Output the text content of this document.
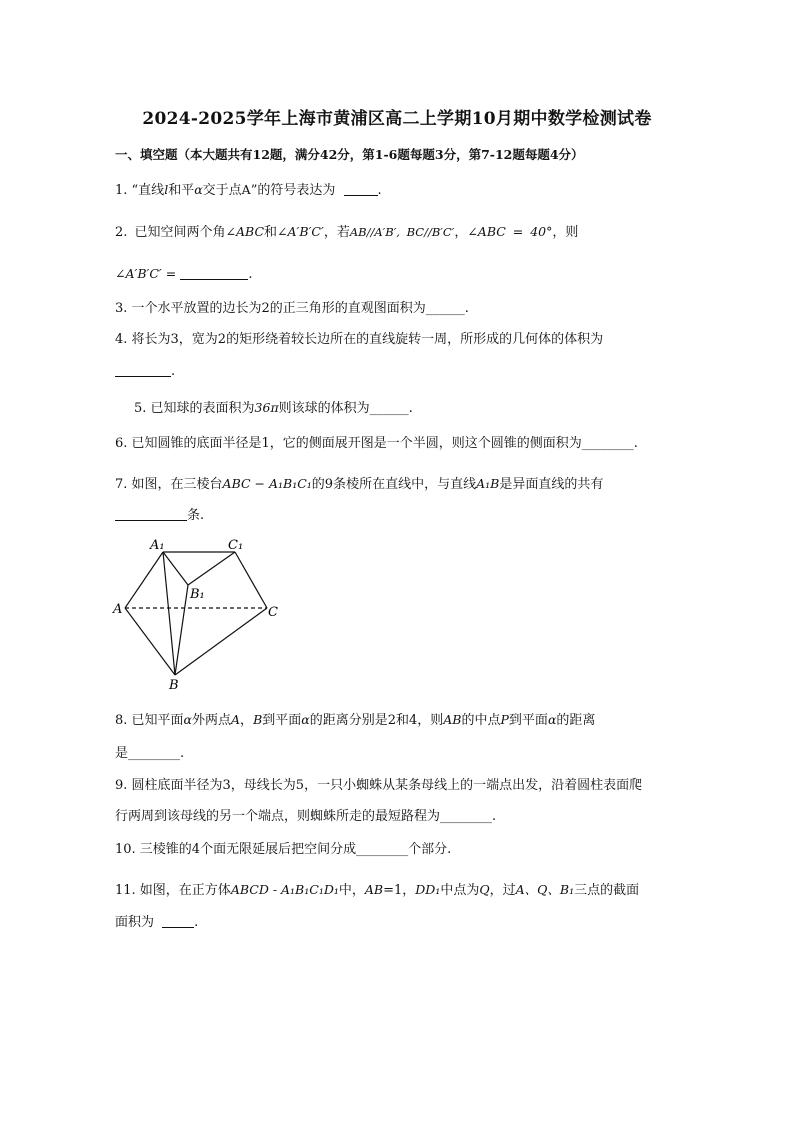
2024-2025学年上海市黄浦区高二上学期10月期中数学检测试卷
一、填空题（本大题共有12题，满分42分，第1-6题每题3分，第7-12题每题4分）
1. “直线l和平α交于点A”的符号表达为	.
2. 已知空间两个角∠ABC和∠A′B′C′，若AB//A′B′, BC//B′C′，∠ABC = 40°，则
∠A′B′C′ =	.
3. 一个水平放置的边长为2的正三角形的直观图面积为______.
4. 将长为3，宽为2的矩形绕着较长边所在的直线旋转一周，所形成的几何体的体积为
.
5. 已知球的表面积为36π则该球的体积为______.
6. 已知圆锥的底面半径是1，它的侧面展开图是一个半圆，则这个圆锥的侧面积为________.
7. 如图，在三棱台ABC − A₁B₁C₁的9条棱所在直线中，与直线A₁B是异面直线的共有
条.
A₁	C₁
B₁
A	C
B
8. 已知平面α外两点A，B到平面α的距离分别是2和4，则AB的中点P到平面α的距离
是________.
9. 圆柱底面半径为3，母线长为5，一只小蜘蛛从某条母线上的一端点出发，沿着圆柱表面爬
行两周到该母线的另一个端点，则蜘蛛所走的最短路程为________.
10. 三棱锥的4个面无限延展后把空间分成________个部分.
11. 如图，在正方体ABCD - A₁B₁C₁D₁中，AB=1，DD₁中点为Q，过A、Q、B₁三点的截面
面积为	.
